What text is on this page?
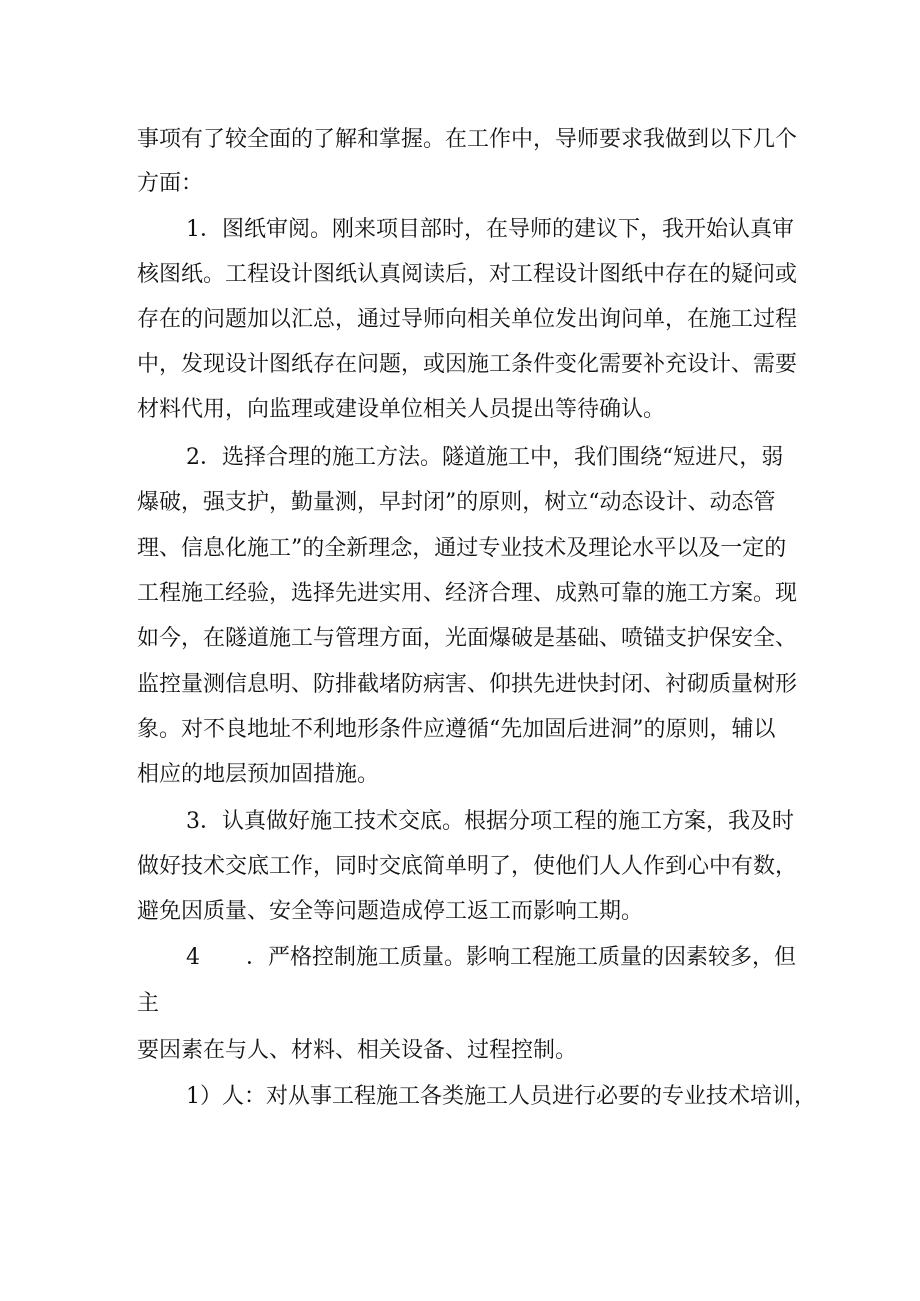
事项有了较全面的了解和掌握。在工作中，导师要求我做到以下几个
方面：
1．图纸审阅。刚来项目部时，在导师的建议下，我开始认真审
核图纸。工程设计图纸认真阅读后，对工程设计图纸中存在的疑问或
存在的问题加以汇总，通过导师向相关单位发出询问单，在施工过程
中，发现设计图纸存在问题，或因施工条件变化需要补充设计、需要
材料代用，向监理或建设单位相关人员提出等待确认。
2．选择合理的施工方法。隧道施工中，我们围绕“短进尺，弱
爆破，强支护，勤量测，早封闭”的原则，树立“动态设计、动态管
理、信息化施工”的全新理念，通过专业技术及理论水平以及一定的
工程施工经验，选择先进实用、经济合理、成熟可靠的施工方案。现
如今，在隧道施工与管理方面，光面爆破是基础、喷锚支护保安全、
监控量测信息明、防排截堵防病害、仰拱先进快封闭、衬砌质量树形
象。对不良地址不利地形条件应遵循“先加固后进洞”的原则，辅以
相应的地层预加固措施。
3．认真做好施工技术交底。根据分项工程的施工方案，我及时
做好技术交底工作，同时交底简单明了，使他们人人作到心中有数，
避免因质量、安全等问题造成停工返工而影响工期。
4 ．严格控制施工质量。影响工程施工质量的因素较多，但
主
要因素在与人、材料、相关设备、过程控制。
1）人：对从事工程施工各类施工人员进行必要的专业技术培训，
